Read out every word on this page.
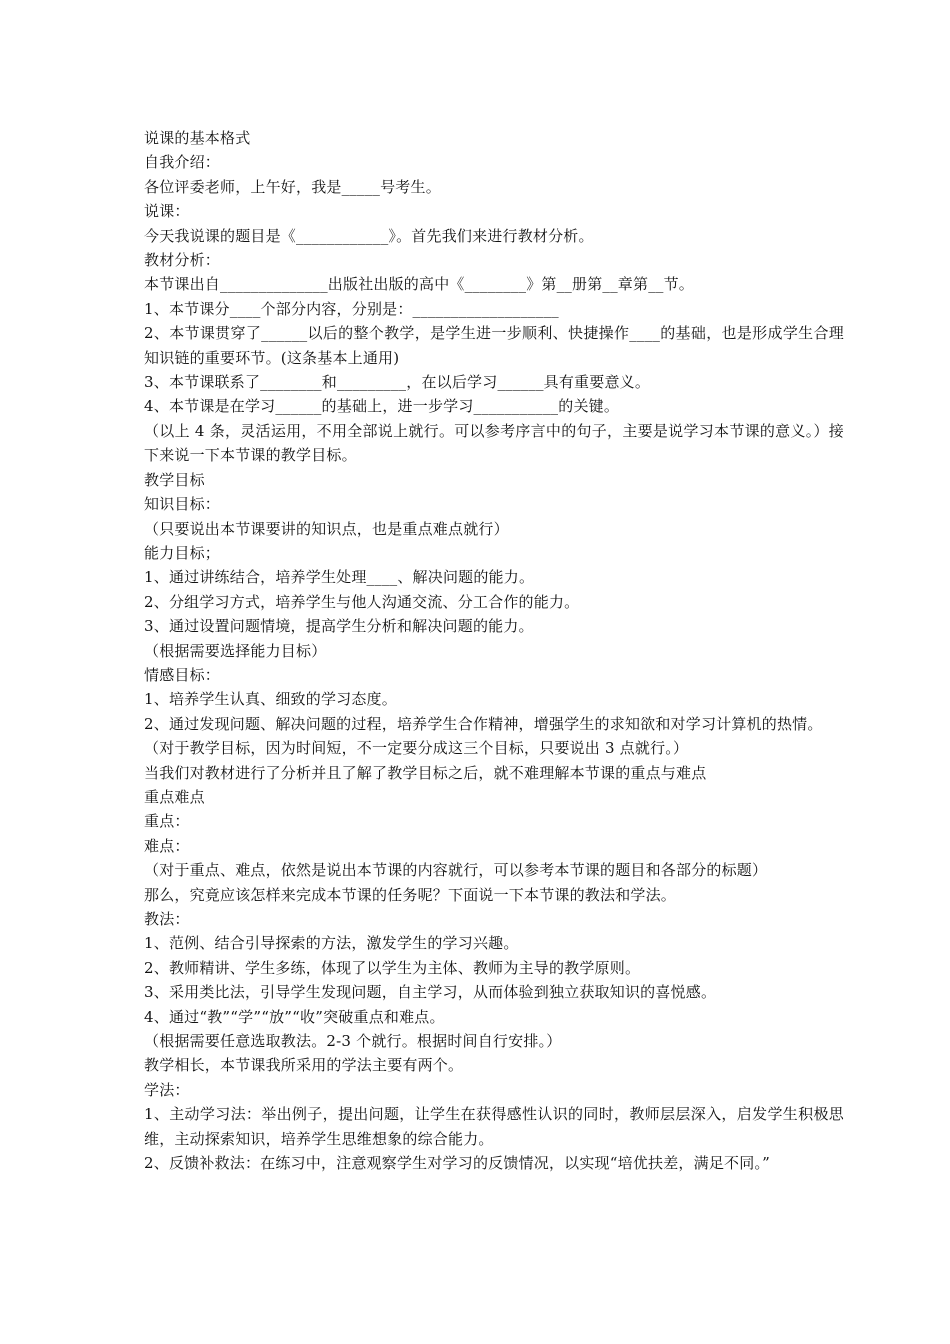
说课的基本格式

自我介绍：

各位评委老师，上午好，我是_____号考生。

说课：

今天我说课的题目是《____________》。首先我们来进行教材分析。

教材分析：

本节课出自______________出版社出版的高中《________》第__册第__章第__节。

1、本节课分____个部分内容，分别是：___________________

2、本节课贯穿了______以后的整个教学，是学生进一步顺利、快捷操作____的基础，也是形成学生合理知识链的重要环节。(这条基本上通用)

3、本节课联系了________和_________，在以后学习______具有重要意义。

4、本节课是在学习______的基础上，进一步学习___________的关键。

（以上 4 条，灵活运用，不用全部说上就行。可以参考序言中的句子，主要是说学习本节课的意义。）接下来说一下本节课的教学目标。

教学目标

知识目标：

（只要说出本节课要讲的知识点，也是重点难点就行）

能力目标；

1、通过讲练结合，培养学生处理____、解决问题的能力。

2、分组学习方式，培养学生与他人沟通交流、分工合作的能力。

3、通过设置问题情境，提高学生分析和解决问题的能力。

（根据需要选择能力目标）

情感目标：

1、培养学生认真、细致的学习态度。

2、通过发现问题、解决问题的过程，培养学生合作精神，增强学生的求知欲和对学习计算机的热情。

（对于教学目标，因为时间短，不一定要分成这三个目标，只要说出 3 点就行。）

当我们对教材进行了分析并且了解了教学目标之后，就不难理解本节课的重点与难点

重点难点

重点：

难点：

（对于重点、难点，依然是说出本节课的内容就行，可以参考本节课的题目和各部分的标题）

那么，究竟应该怎样来完成本节课的任务呢？下面说一下本节课的教法和学法。

教法：

1、范例、结合引导探索的方法，激发学生的学习兴趣。

2、教师精讲、学生多练，体现了以学生为主体、教师为主导的教学原则。

3、采用类比法，引导学生发现问题，自主学习，从而体验到独立获取知识的喜悦感。

4、通过“教”“学”“放”“收”突破重点和难点。

（根据需要任意选取教法。2-3 个就行。根据时间自行安排。）

教学相长，本节课我所采用的学法主要有两个。

学法：

1、主动学习法：举出例子，提出问题，让学生在获得感性认识的同时，教师层层深入，启发学生积极思维，主动探索知识，培养学生思维想象的综合能力。

2、反馈补救法：在练习中，注意观察学生对学习的反馈情况，以实现“培优扶差，满足不同。”
